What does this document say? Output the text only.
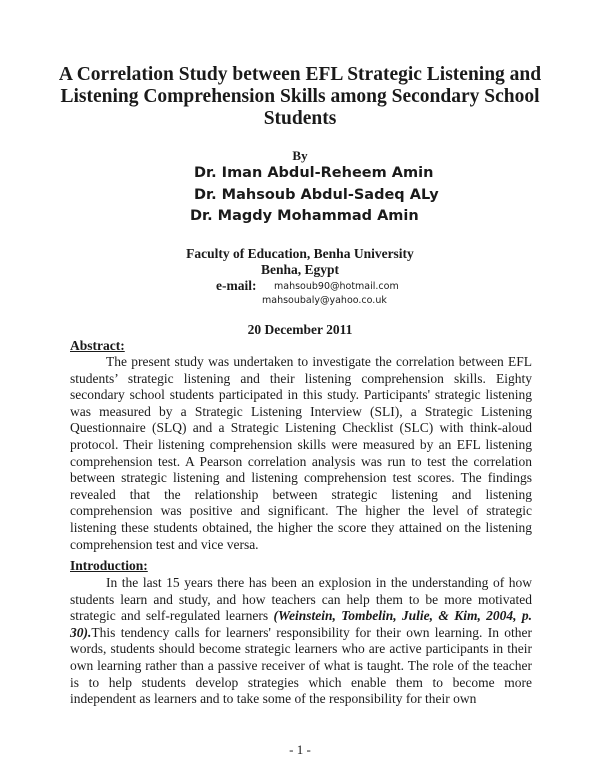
A Correlation Study between EFL Strategic Listening and Listening Comprehension Skills among Secondary School Students
By
Dr. Iman Abdul-Reheem Amin
Dr. Mahsoub Abdul-Sadeq ALy
Dr. Magdy Mohammad Amin
Faculty of Education, Benha University
Benha, Egypt
e-mail: mahsoub90@hotmail.com
mahsoubaly@yahoo.co.uk
20 December 2011
Abstract:

The present study was undertaken to investigate the correlation between EFL students’ strategic listening and their listening comprehension skills. Eighty secondary school students participated in this study. Participants' strategic listening was measured by a Strategic Listening Interview (SLI), a Strategic Listening Questionnaire (SLQ) and a Strategic Listening Checklist (SLC) with think-aloud protocol. Their listening comprehension skills were measured by an EFL listening comprehension test. A Pearson correlation analysis was run to test the correlation between strategic listening and listening comprehension test scores. The findings revealed that the relationship between strategic listening and listening comprehension was positive and significant. The higher the level of strategic listening these students obtained, the higher the score they attained on the listening comprehension test and vice versa.

Introduction:

In the last 15 years there has been an explosion in the understanding of how students learn and study, and how teachers can help them to be more motivated strategic and self-regulated learners (Weinstein, Tombelin, Julie, & Kim, 2004, p. 30).This tendency calls for learners' responsibility for their own learning. In other words, students should become strategic learners who are active participants in their own learning rather than a passive receiver of what is taught. The role of the teacher is to help students develop strategies which enable them to become more independent as learners and to take some of the responsibility for their own

- 1 -
